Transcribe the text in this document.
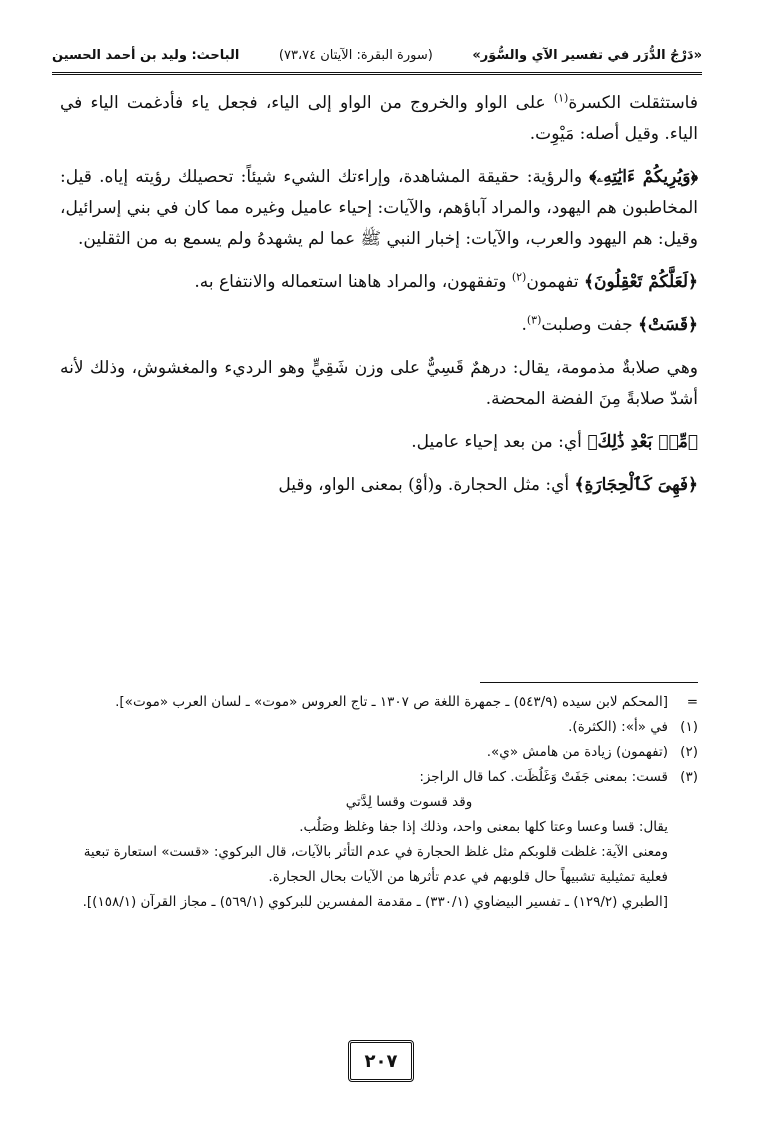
«دَرْجُ الدُّرَر في تفسير الآي والسُّوَر»
(سورة البقرة: الآيتان ٧٣،٧٤)
الباحث: وليد بن أحمد الحسين

فاستثقلت الكسرة$^{(١)}$ على الواو والخروج من الواو إلى الياء، فجعل ياء فأدغمت الياء في الياء. وقيل أصله: مَيْوِت.

﴿وَيُرِيكُمْ ءَايَٰتِهِۦ﴾ والرؤية: حقيقة المشاهدة، وإراءتك الشيء شيئاً: تحصيلك رؤيته إياه. قيل: المخاطبون هم اليهود، والمراد آباؤهم، والآيات: إحياء عاميل وغيره مما كان في بني إسرائيل، وقيل: هم اليهود والعرب، والآيات: إخبار النبي ﷺ عما لم يشهدهُ ولم يسمع به من الثقلين.

﴿لَعَلَّكُمْ تَعْقِلُونَ﴾ تفهمون$^{(٢)}$ وتفقهون، والمراد هاهنا استعماله والانتفاع به.

﴿قَسَتْ﴾ جفت وصلبت$^{(٣)}$.

وهي صلابةٌ مذمومة، يقال: درهمٌ قَسِيٌّ على وزن شَقِيٍّ وهو الرديء والمغشوش، وذلك لأنه أشدّ صلابةً مِنَ الفضة المحضة.

﴿مِّنۢ بَعْدِ ذَٰلِكَ﴾ أي: من بعد إحياء عاميل.

﴿فَهِىَ كَٱلْحِجَارَةِ﴾ أي: مثل الحجارة. و(أوْ) بمعنى الواو، وقيل

=
[المحكم لابن سيده (٥٤٣/٩) ـ جمهرة اللغة ص ١٣٠٧ ـ تاج العروس «موت» ـ لسان العرب «موت»].
(١)
في «أ»: (الكثرة).
(٢)
(تفهمون) زيادة من هامش «ي».
(٣)
قست: بمعنى جَفَتْ وَغَلُظَت. كما قال الراجز:
وقد قسوت وقسا لِدَّتي
يقال: قسا وعسا وعتا كلها بمعنى واحد، وذلك إذا جفا وغلظ وصَلُب.
ومعنى الآية: غلظت قلوبكم مثل غلظ الحجارة في عدم التأثر بالآيات، قال البركوي: «قست» استعارة تبعية فعلية تمثيلية تشبيهاً حال قلوبهم في عدم تأثرها من الآيات بحال الحجارة.
[الطبري (١٢٩/٢) ـ تفسير البيضاوي (٣٣٠/١) ـ مقدمة المفسرين للبركوي (٥٦٩/١) ـ مجاز القرآن (١٥٨/١)].
٢٠٧
